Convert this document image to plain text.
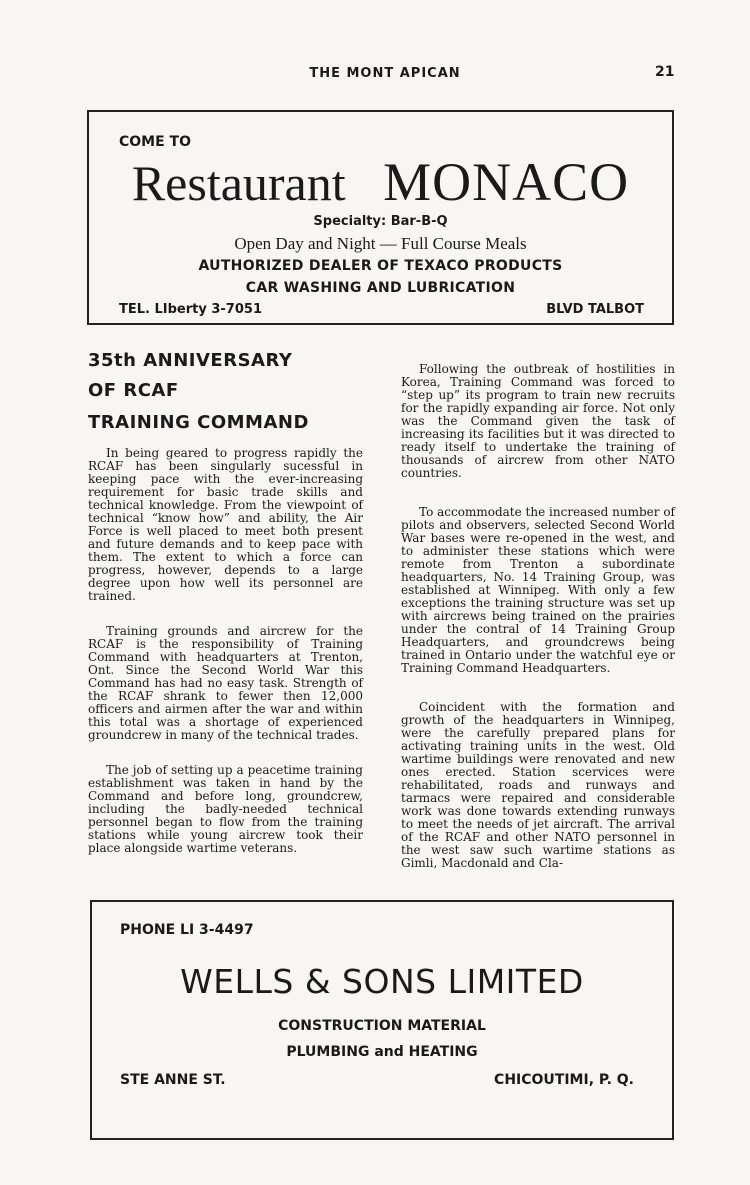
THE MONT APICAN	21
COME TO
Restaurant MONACO
Specialty: Bar-B-Q
Open Day and Night — Full Course Meals
AUTHORIZED DEALER OF TEXACO PRODUCTS
CAR WASHING AND LUBRICATION
TEL. LIberty 3-7051	BLVD TALBOT
35th ANNIVERSARY
OF RCAF
TRAINING COMMAND

In being geared to progress rapidly the RCAF has been singularly sucessful in keeping pace with the ever-increasing requirement for basic trade skills and technical knowledge. From the viewpoint of technical “know how” and ability, the Air Force is well placed to meet both present and future demands and to keep pace with them. The extent to which a force can progress, however, depends to a large degree upon how well its personnel are trained.

Training grounds and aircrew for the RCAF is the responsibility of Training Command with headquarters at Trenton, Ont. Since the Second World War this Command has had no easy task. Strength of the RCAF shrank to fewer then 12,000 officers and airmen after the war and within this total was a shortage of experienced groundcrew in many of the technical trades.

The job of setting up a peacetime training establishment was taken in hand by the Command and before long, groundcrew, including the badly-needed technical personnel began to flow from the training stations while young aircrew took their place alongside wartime veterans.

Following the outbreak of hostilities in Korea, Training Command was forced to “step up” its program to train new recruits for the rapidly expanding air force. Not only was the Command given the task of increasing its facilities but it was directed to ready itself to undertake the training of thousands of aircrew from other NATO countries.

To accommodate the increased number of pilots and observers, selected Second World War bases were re-opened in the west, and to administer these stations which were remote from Trenton a subordinate headquarters, No. 14 Training Group, was established at Winnipeg. With only a few exceptions the training structure was set up with aircrews being trained on the prairies under the contral of 14 Training Group Headquarters, and groundcrews being trained in Ontario under the watchful eye or Training Command Headquarters.

Coincident with the formation and growth of the headquarters in Winnipeg, were the carefully prepared plans for activating training units in the west. Old wartime buildings were renovated and new ones erected. Station scervices were rehabilitated, roads and runways and tarmacs were repaired and considerable work was done towards extending runways to meet the needs of jet aircraft. The arrival of the RCAF and other NATO personnel in the west saw such wartime stations as Gimli, Macdonald and Cla-

PHONE LI 3-4497
WELLS & SONS LIMITED
CONSTRUCTION MATERIAL
PLUMBING and HEATING
STE ANNE ST.	CHICOUTIMI, P. Q.
